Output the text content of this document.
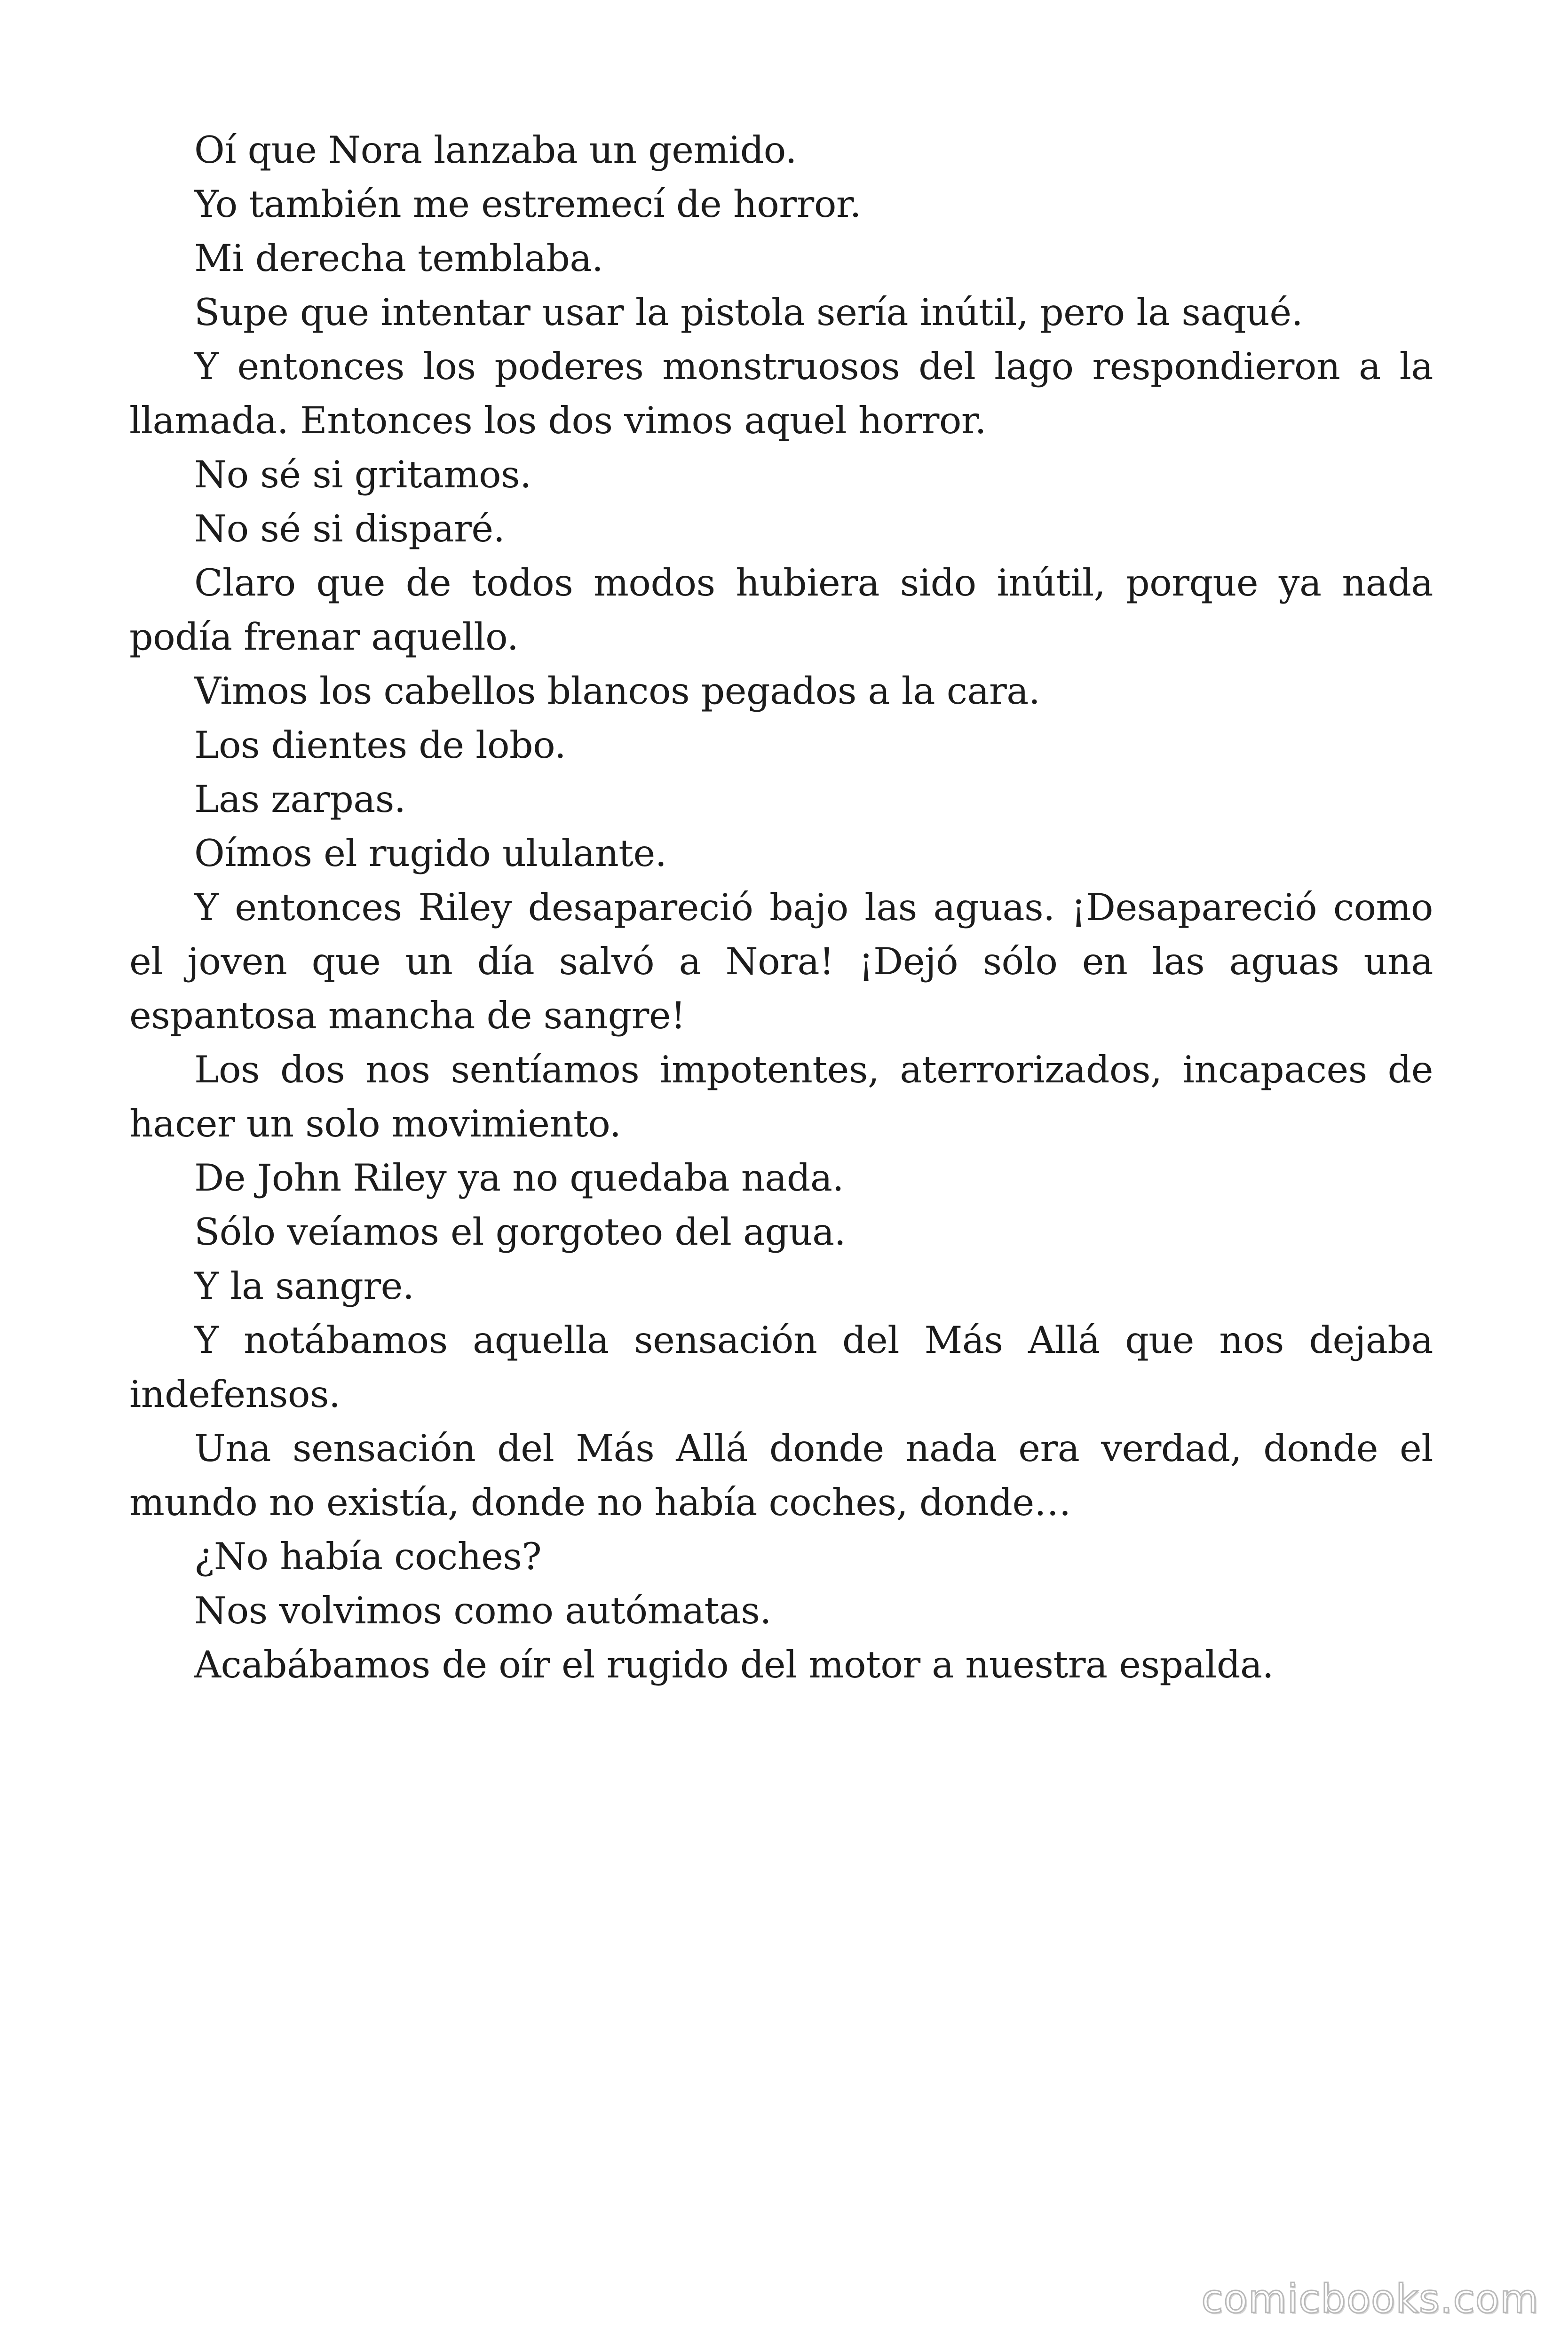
Oí que Nora lanzaba un gemido.

Yo también me estremecí de horror.

Mi derecha temblaba.

Supe que intentar usar la pistola sería inútil, pero la saqué.

Y entonces los poderes monstruosos del lago respondieron a la llamada. Entonces los dos vimos aquel horror.

No sé si gritamos.

No sé si disparé.

Claro que de todos modos hubiera sido inútil, porque ya nada podía frenar aquello.

Vimos los cabellos blancos pegados a la cara.

Los dientes de lobo.

Las zarpas.

Oímos el rugido ululante.

Y entonces Riley desapareció bajo las aguas. ¡Desapareció como el joven que un día salvó a Nora! ¡Dejó sólo en las aguas una espantosa mancha de sangre!

Los dos nos sentíamos impotentes, aterrorizados, incapaces de hacer un solo movimiento.

De John Riley ya no quedaba nada.

Sólo veíamos el gorgoteo del agua.

Y la sangre.

Y notábamos aquella sensación del Más Allá que nos dejaba indefensos.

Una sensación del Más Allá donde nada era verdad, donde el mundo no existía, donde no había coches, donde…

¿No había coches?

Nos volvimos como autómatas.

Acabábamos de oír el rugido del motor a nuestra espalda.

comicbooks.com
